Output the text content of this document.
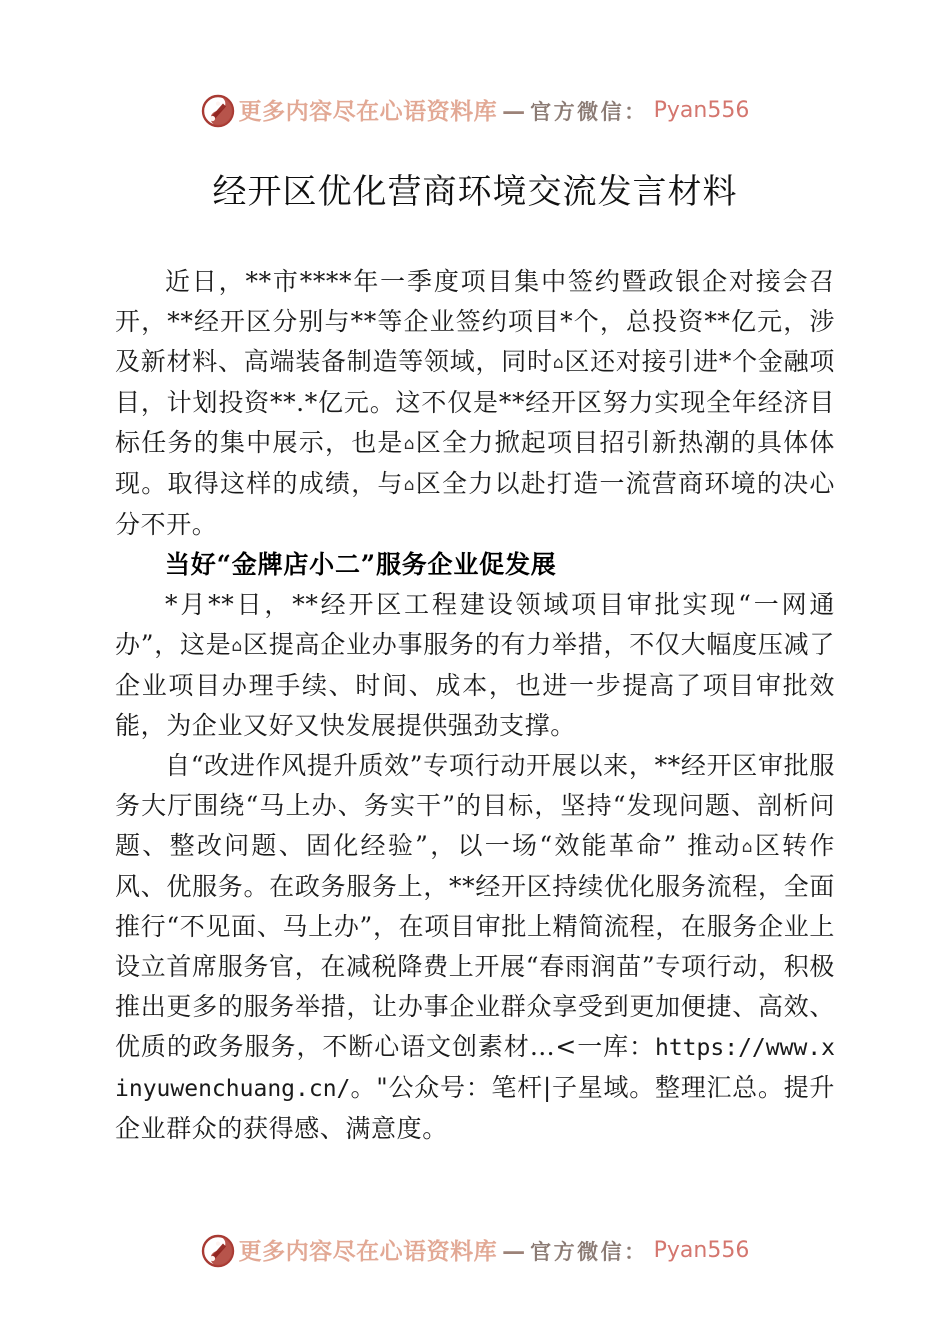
更多内容尽在心语资料库 — 官方微信： Pyan556
经开区优化营商环境交流发言材料

近日，**市****年一季度项目集中签约暨政银企对接会召开，**经开区分别与**等企业签约项目*个，总投资**亿元，涉及新材料、高端装备制造等领域，同时⌂区还对接引进*个金融项目，计划投资**.*亿元。这不仅是**经开区努力实现全年经济目标任务的集中展示，也是⌂区全力掀起项目招引新热潮的具体体现。取得这样的成绩，与⌂区全力以赴打造一流营商环境的决心分不开。

当好“金牌店小二”服务企业促发展

*月**日，**经开区工程建设领域项目审批实现“一网通办”，这是⌂区提高企业办事服务的有力举措，不仅大幅度压减了企业项目办理手续、时间、成本，也进一步提高了项目审批效能，为企业又好又快发展提供强劲支撑。

自“改进作风提升质效”专项行动开展以来，**经开区审批服务大厅围绕“马上办、务实干”的目标，坚持“发现问题、剖析问题、整改问题、固化经验”，以一场“效能革命” 推动⌂区转作风、优服务。在政务服务上，**经开区持续优化服务流程，全面推行“不见面、马上办”，在项目审批上精简流程，在服务企业上设立首席服务官，在减税降费上开展“春雨润苗”专项行动，积极推出更多的服务举措，让办事企业群众享受到更加便捷、高效、优质的政务服务，不断心语文创素材…<一库：https://www.xinyuwenchuang.cn/。"公众号：笔杆|子星域。整理汇总。提升企业群众的获得感、满意度。

更多内容尽在心语资料库 — 官方微信： Pyan556
